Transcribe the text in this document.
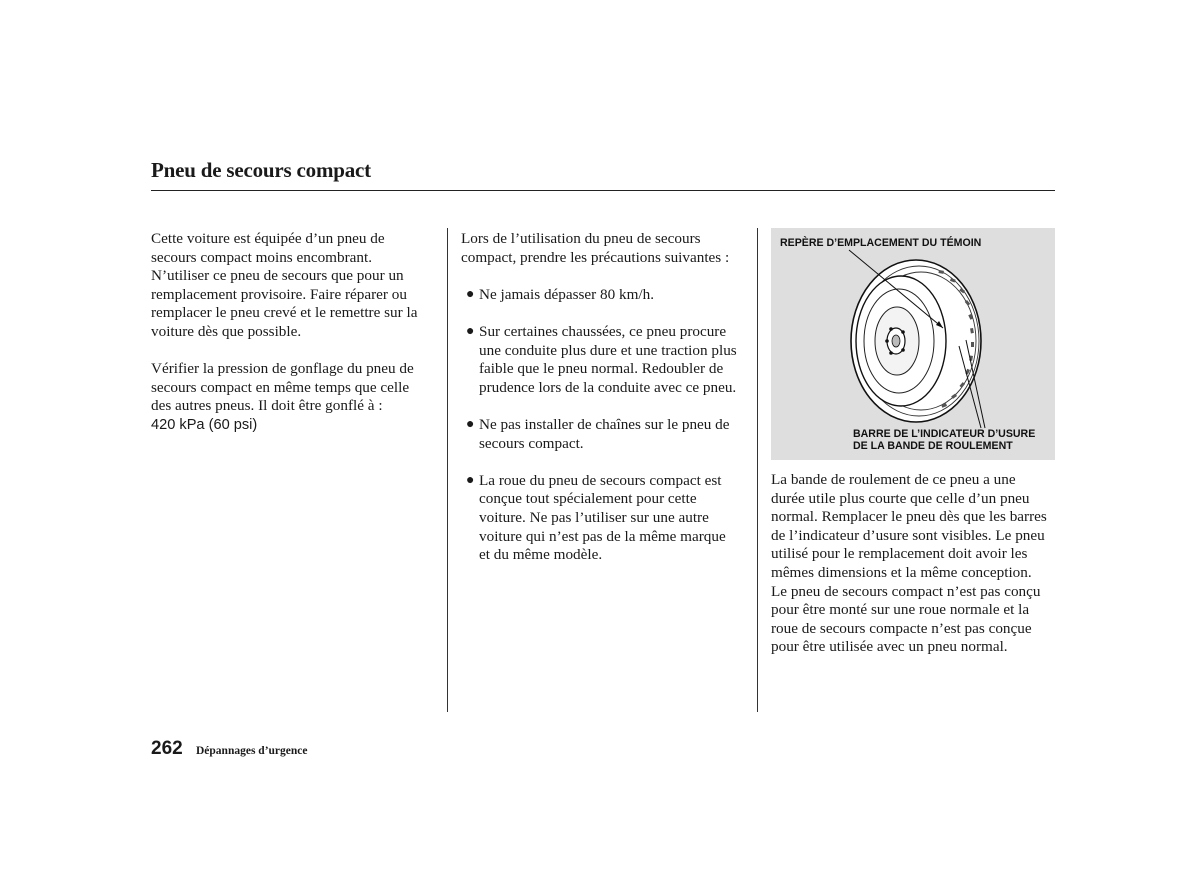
Pneu de secours compact

Cette voiture est équipée d’un pneu de
secours compact moins encombrant.
N’utiliser ce pneu de secours que pour un
remplacement provisoire. Faire réparer ou
remplacer le pneu crevé et le remettre sur la
voiture dès que possible.

Vérifier la pression de gonflage du pneu de
secours compact en même temps que celle
des autres pneus. Il doit être gonflé à :
420 kPa (60 psi)

Lors de l’utilisation du pneu de secours
compact, prendre les précautions suivantes :

● Ne jamais dépasser 80 km/h.
● Sur certaines chaussées, ce pneu procure
une conduite plus dure et une traction plus
faible que le pneu normal. Redoubler de
prudence lors de la conduite avec ce pneu.
● Ne pas installer de chaînes sur le pneu de
secours compact.
● La roue du pneu de secours compact est
conçue tout spécialement pour cette
voiture. Ne pas l’utiliser sur une autre
voiture qui n’est pas de la même marque
et du même modèle.
REPÈRE D’EMPLACEMENT DU TÉMOIN
BARRE DE L’INDICATEUR D’USURE
DE LA BANDE DE ROULEMENT

La bande de roulement de ce pneu a une
durée utile plus courte que celle d’un pneu
normal. Remplacer le pneu dès que les barres
de l’indicateur d’usure sont visibles. Le pneu
utilisé pour le remplacement doit avoir les
mêmes dimensions et la même conception.
Le pneu de secours compact n’est pas conçu
pour être monté sur une roue normale et la
roue de secours compacte n’est pas conçue
pour être utilisée avec un pneu normal.

262 Dépannages d’urgence
